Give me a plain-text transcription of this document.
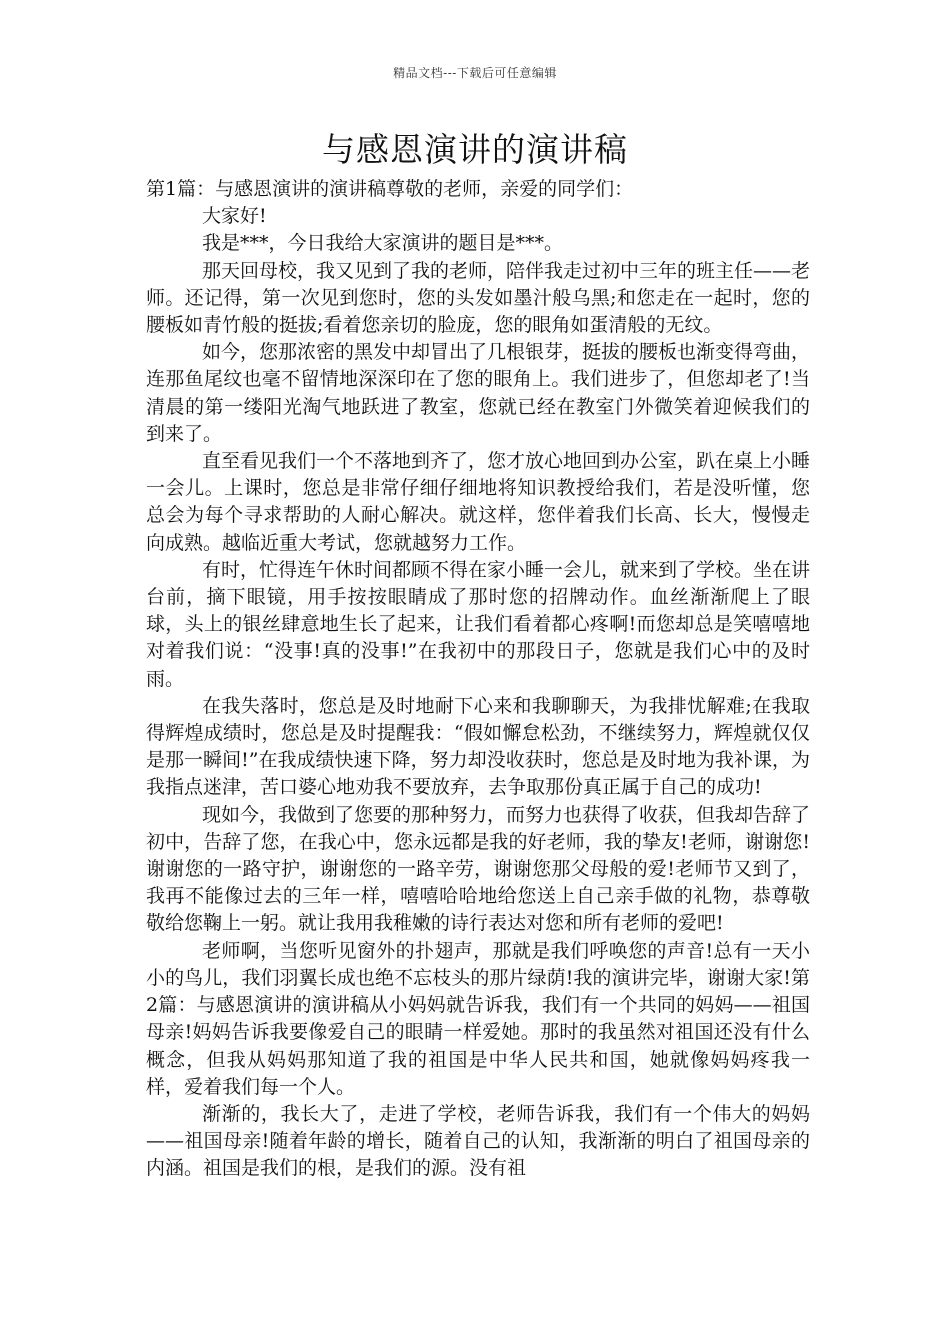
精品文档---下载后可任意编辑
与感恩演讲的演讲稿

第1篇：与感恩演讲的演讲稿尊敬的老师，亲爱的同学们：

大家好!

我是***，今日我给大家演讲的题目是***。

那天回母校，我又见到了我的老师，陪伴我走过初中三年的班主任——老师。还记得，第一次见到您时，您的头发如墨汁般乌黑;和您走在一起时，您的腰板如青竹般的挺拔;看着您亲切的脸庞，您的眼角如蛋清般的无纹。

如今，您那浓密的黑发中却冒出了几根银芽，挺拔的腰板也渐变得弯曲，连那鱼尾纹也毫不留情地深深印在了您的眼角上。我们进步了，但您却老了!当清晨的第一缕阳光淘气地跃进了教室，您就已经在教室门外微笑着迎候我们的到来了。

直至看见我们一个不落地到齐了，您才放心地回到办公室，趴在桌上小睡一会儿。上课时，您总是非常仔细仔细地将知识教授给我们，若是没听懂，您总会为每个寻求帮助的人耐心解决。就这样，您伴着我们长高、长大，慢慢走向成熟。越临近重大考试，您就越努力工作。

有时，忙得连午休时间都顾不得在家小睡一会儿，就来到了学校。坐在讲台前，摘下眼镜，用手按按眼睛成了那时您的招牌动作。血丝渐渐爬上了眼球，头上的银丝肆意地生长了起来，让我们看着都心疼啊!而您却总是笑嘻嘻地对着我们说：“没事!真的没事!”在我初中的那段日子，您就是我们心中的及时雨。

在我失落时，您总是及时地耐下心来和我聊聊天，为我排忧解难;在我取得辉煌成绩时，您总是及时提醒我：“假如懈怠松劲，不继续努力，辉煌就仅仅是那一瞬间!”在我成绩快速下降，努力却没收获时，您总是及时地为我补课，为我指点迷津，苦口婆心地劝我不要放弃，去争取那份真正属于自己的成功!

现如今，我做到了您要的那种努力，而努力也获得了收获，但我却告辞了初中，告辞了您，在我心中，您永远都是我的好老师，我的挚友!老师，谢谢您!谢谢您的一路守护，谢谢您的一路辛劳，谢谢您那父母般的爱!老师节又到了，我再不能像过去的三年一样，嘻嘻哈哈地给您送上自己亲手做的礼物，恭尊敬敬给您鞠上一躬。就让我用我稚嫩的诗行表达对您和所有老师的爱吧!

老师啊，当您听见窗外的扑翅声，那就是我们呼唤您的声音!总有一天小小的鸟儿，我们羽翼长成也绝不忘枝头的那片绿荫!我的演讲完毕，谢谢大家!第2篇：与感恩演讲的演讲稿从小妈妈就告诉我，我们有一个共同的妈妈——祖国母亲!妈妈告诉我要像爱自己的眼睛一样爱她。那时的我虽然对祖国还没有什么概念，但我从妈妈那知道了我的祖国是中华人民共和国，她就像妈妈疼我一样，爱着我们每一个人。

渐渐的，我长大了，走进了学校，老师告诉我，我们有一个伟大的妈妈——祖国母亲!随着年龄的增长，随着自己的认知，我渐渐的明白了祖国母亲的内涵。祖国是我们的根，是我们的源。没有祖
